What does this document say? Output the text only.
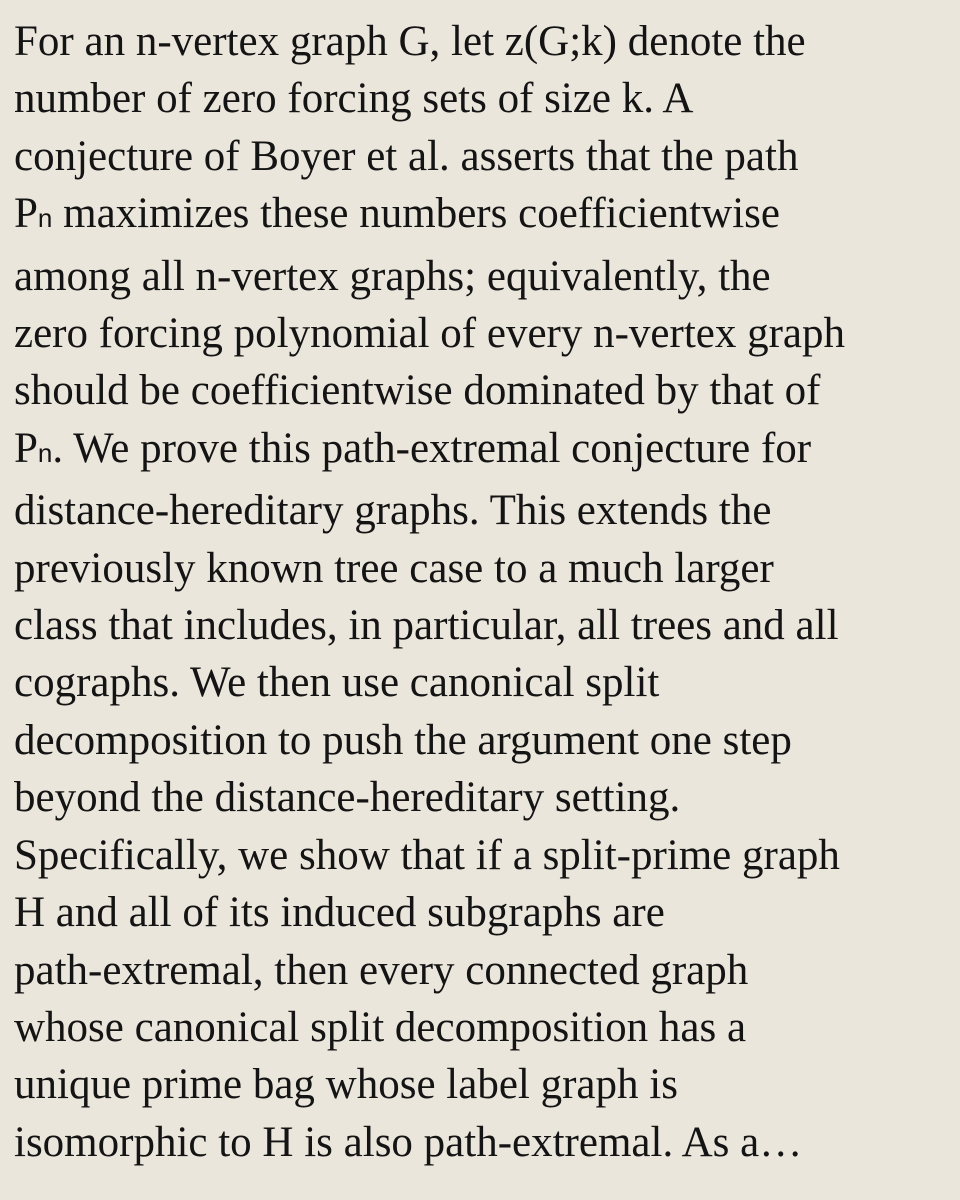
For an n-vertex graph G, let z(G;k) denote the
number of zero forcing sets of size k. A
conjecture of Boyer et al. asserts that the path
Pn maximizes these numbers coefficientwise
among all n-vertex graphs; equivalently, the
zero forcing polynomial of every n-vertex graph
should be coefficientwise dominated by that of
Pn. We prove this path-extremal conjecture for
distance-hereditary graphs. This extends the
previously known tree case to a much larger
class that includes, in particular, all trees and all
cographs. We then use canonical split
decomposition to push the argument one step
beyond the distance-hereditary setting.
Specifically, we show that if a split-prime graph
H and all of its induced subgraphs are
path-extremal, then every connected graph
whose canonical split decomposition has a
unique prime bag whose label graph is
isomorphic to H is also path-extremal. As a…
